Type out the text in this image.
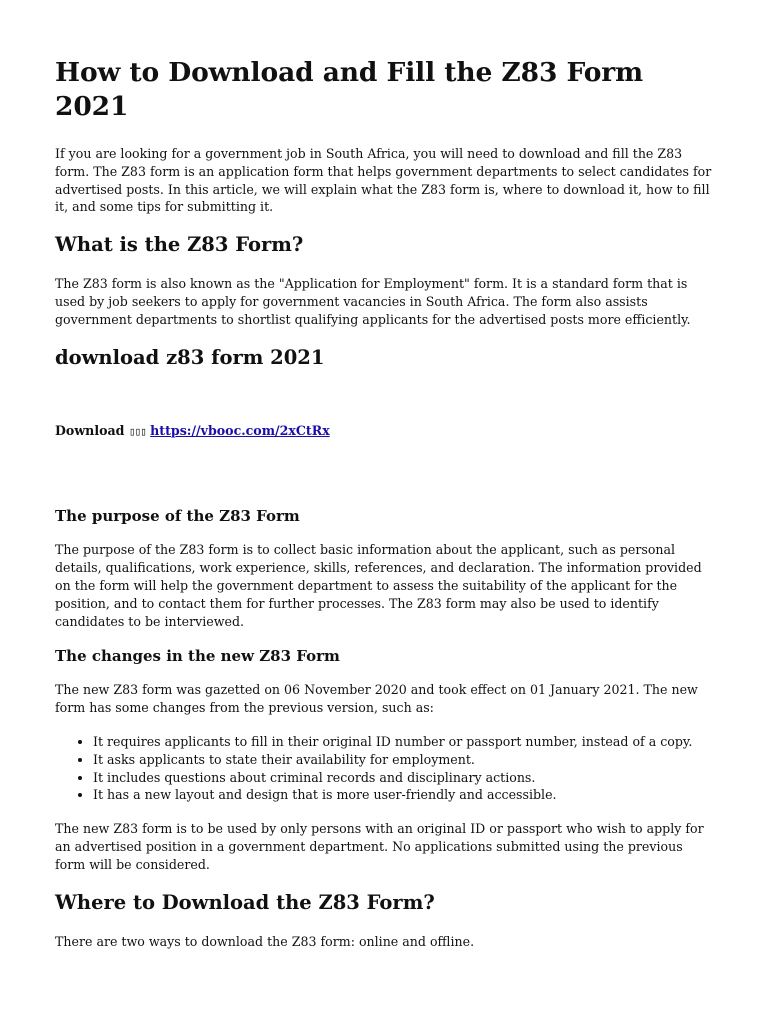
How to Download and Fill the Z83 Form 2021

If you are looking for a government job in South Africa, you will need to download and fill the Z83 form. The Z83 form is an application form that helps government departments to select candidates for advertised posts. In this article, we will explain what the Z83 form is, where to download it, how to fill it, and some tips for submitting it.

What is the Z83 Form?

The Z83 form is also known as the "Application for Employment" form. It is a standard form that is used by job seekers to apply for government vacancies in South Africa. The form also assists government departments to shortlist qualifying applicants for the advertised posts more efficiently.

download z83 form 2021
Download ▯▯▯ https://vbooc.com/2xCtRx
The purpose of the Z83 Form

The purpose of the Z83 form is to collect basic information about the applicant, such as personal details, qualifications, work experience, skills, references, and declaration. The information provided on the form will help the government department to assess the suitability of the applicant for the position, and to contact them for further processes. The Z83 form may also be used to identify candidates to be interviewed.

The changes in the new Z83 Form

The new Z83 form was gazetted on 06 November 2020 and took effect on 01 January 2021. The new form has some changes from the previous version, such as:

• It requires applicants to fill in their original ID number or passport number, instead of a copy.
• It asks applicants to state their availability for employment.
• It includes questions about criminal records and disciplinary actions.
• It has a new layout and design that is more user-friendly and accessible.

The new Z83 form is to be used by only persons with an original ID or passport who wish to apply for an advertised position in a government department. No applications submitted using the previous form will be considered.

Where to Download the Z83 Form?

There are two ways to download the Z83 form: online and offline.
